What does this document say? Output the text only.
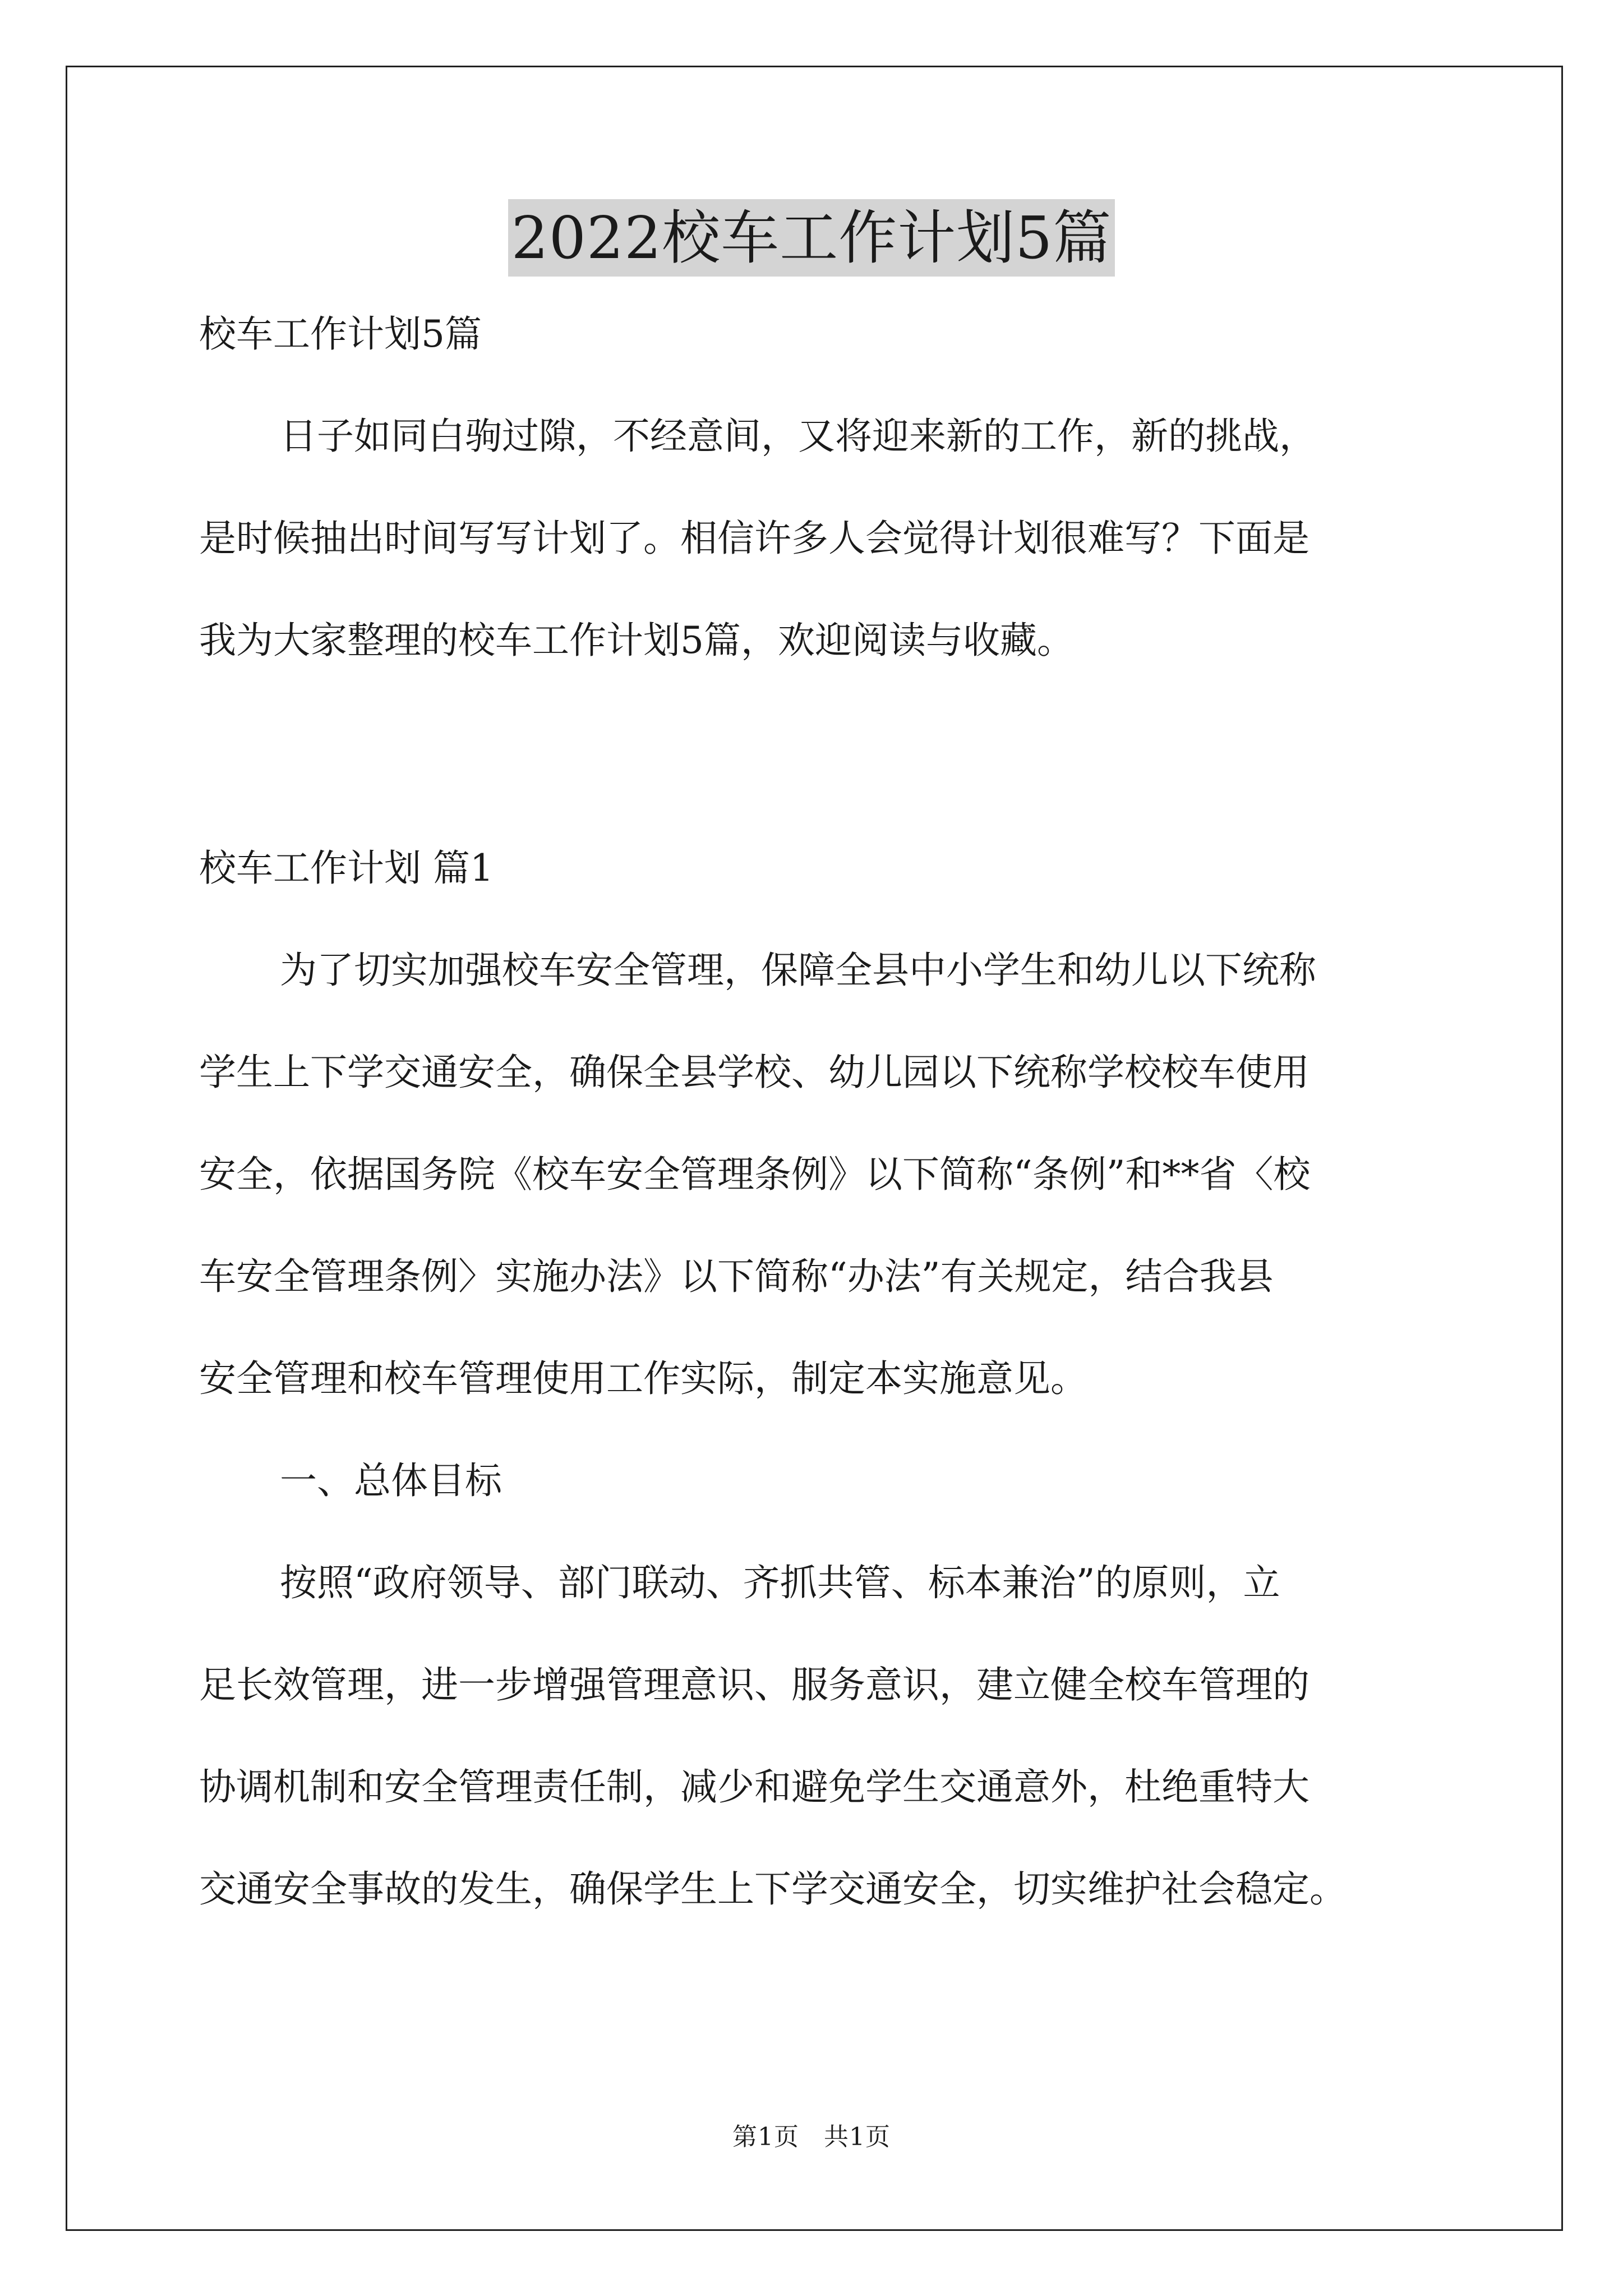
2022校车工作计划5篇
校车工作计划5篇
日子如同白驹过隙，不经意间，又将迎来新的工作，新的挑战，
是时候抽出时间写写计划了。相信许多人会觉得计划很难写？下面是
我为大家整理的校车工作计划5篇，欢迎阅读与收藏。
校车工作计划 篇1
为了切实加强校车安全管理，保障全县中小学生和幼儿以下统称
学生上下学交通安全，确保全县学校、幼儿园以下统称学校校车使用
安全，依据国务院《校车安全管理条例》以下简称“条例”和**省〈校
车安全管理条例〉实施办法》以下简称“办法”有关规定，结合我县
安全管理和校车管理使用工作实际，制定本实施意见。
一、总体目标
按照“政府领导、部门联动、齐抓共管、标本兼治”的原则，立
足长效管理，进一步增强管理意识、服务意识，建立健全校车管理的
协调机制和安全管理责任制，减少和避免学生交通意外，杜绝重特大
交通安全事故的发生，确保学生上下学交通安全，切实维护社会稳定。
第1页 共1页
